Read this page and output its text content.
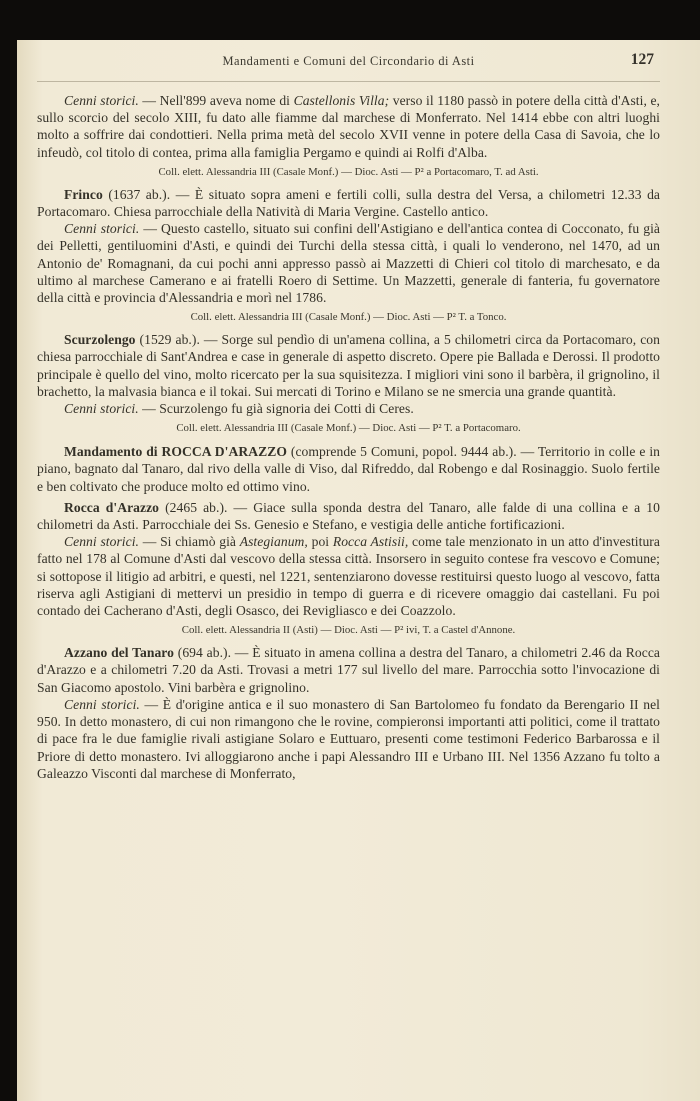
Mandamenti e Comuni del Circondario di Asti	127

Cenni storici. — Nell'899 aveva nome di Castellonis Villa; verso il 1180 passò in potere della città d'Asti, e, sullo scorcio del secolo XIII, fu dato alle fiamme dal marchese di Monferrato. Nel 1414 ebbe con altri luoghi molto a soffrire dai condottieri. Nella prima metà del secolo XVII venne in potere della Casa di Savoia, che lo infeudò, col titolo di contea, prima alla famiglia Pergamo e quindi ai Rolfi d'Alba.

Coll. elett. Alessandria III (Casale Monf.) — Dioc. Asti — P² a Portacomaro, T. ad Asti.

Frinco (1637 ab.). — È situato sopra ameni e fertili colli, sulla destra del Versa, a chilometri 12.33 da Portacomaro. Chiesa parrocchiale della Natività di Maria Vergine. Castello antico.

Cenni storici. — Questo castello, situato sui confini dell'Astigiano e dell'antica contea di Cocconato, fu già dei Pelletti, gentiluomini d'Asti, e quindi dei Turchi della stessa città, i quali lo venderono, nel 1470, ad un Antonio de' Romagnani, da cui pochi anni appresso passò ai Mazzetti di Chieri col titolo di marchesato, e da ultimo al marchese Camerano e ai fratelli Roero di Settime. Un Mazzetti, generale di fanteria, fu governatore della città e provincia d'Alessandria e morì nel 1786.

Coll. elett. Alessandria III (Casale Monf.) — Dioc. Asti — P² T. a Tonco.

Scurzolengo (1529 ab.). — Sorge sul pendìo di un'amena collina, a 5 chilometri circa da Portacomaro, con chiesa parrocchiale di Sant'Andrea e case in generale di aspetto discreto. Opere pie Ballada e Derossi. Il prodotto principale è quello del vino, molto ricercato per la sua squisitezza. I migliori vini sono il barbèra, il grignolino, il brachetto, la malvasia bianca e il tokai. Sui mercati di Torino e Milano se ne smercia una grande quantità.

Cenni storici. — Scurzolengo fu già signoria dei Cotti di Ceres.

Coll. elett. Alessandria III (Casale Monf.) — Dioc. Asti — P² T. a Portacomaro.

Mandamento di ROCCA D'ARAZZO (comprende 5 Comuni, popol. 9444 ab.). — Territorio in colle e in piano, bagnato dal Tanaro, dal rivo della valle di Viso, dal Rifreddo, dal Robengo e dal Rosinaggio. Suolo fertile e ben coltivato che produce molto ed ottimo vino.

Rocca d'Arazzo (2465 ab.). — Giace sulla sponda destra del Tanaro, alle falde di una collina e a 10 chilometri da Asti. Parrocchiale dei Ss. Genesio e Stefano, e vestigia delle antiche fortificazioni.

Cenni storici. — Si chiamò già Astegianum, poi Rocca Astisii, come tale menzionato in un atto d'investitura fatto nel 178 al Comune d'Asti dal vescovo della stessa città. Insorsero in seguito contese fra vescovo e Comune; si sottopose il litigio ad arbitri, e questi, nel 1221, sentenziarono dovesse restituirsi questo luogo al vescovo, fatta riserva agli Astigiani di mettervi un presidio in tempo di guerra e di ricevere omaggio dai castellani. Fu poi contado dei Cacherano d'Asti, degli Osasco, dei Revigliasco e dei Coazzolo.

Coll. elett. Alessandria II (Asti) — Dioc. Asti — P² ivi, T. a Castel d'Annone.

Azzano del Tanaro (694 ab.). — È situato in amena collina a destra del Tanaro, a chilometri 2.46 da Rocca d'Arazzo e a chilometri 7.20 da Asti. Trovasi a metri 177 sul livello del mare. Parrocchia sotto l'invocazione di San Giacomo apostolo. Vini barbèra e grignolino.

Cenni storici. — È d'origine antica e il suo monastero di San Bartolomeo fu fondato da Berengario II nel 950. In detto monastero, di cui non rimangono che le rovine, compieronsi importanti atti politici, come il trattato di pace fra le due famiglie rivali astigiane Solaro e Euttuaro, presenti come testimoni Federico Barbarossa e il Priore di detto monastero. Ivi alloggiarono anche i papi Alessandro III e Urbano III. Nel 1356 Azzano fu tolto a Galeazzo Visconti dal marchese di Monferrato,
